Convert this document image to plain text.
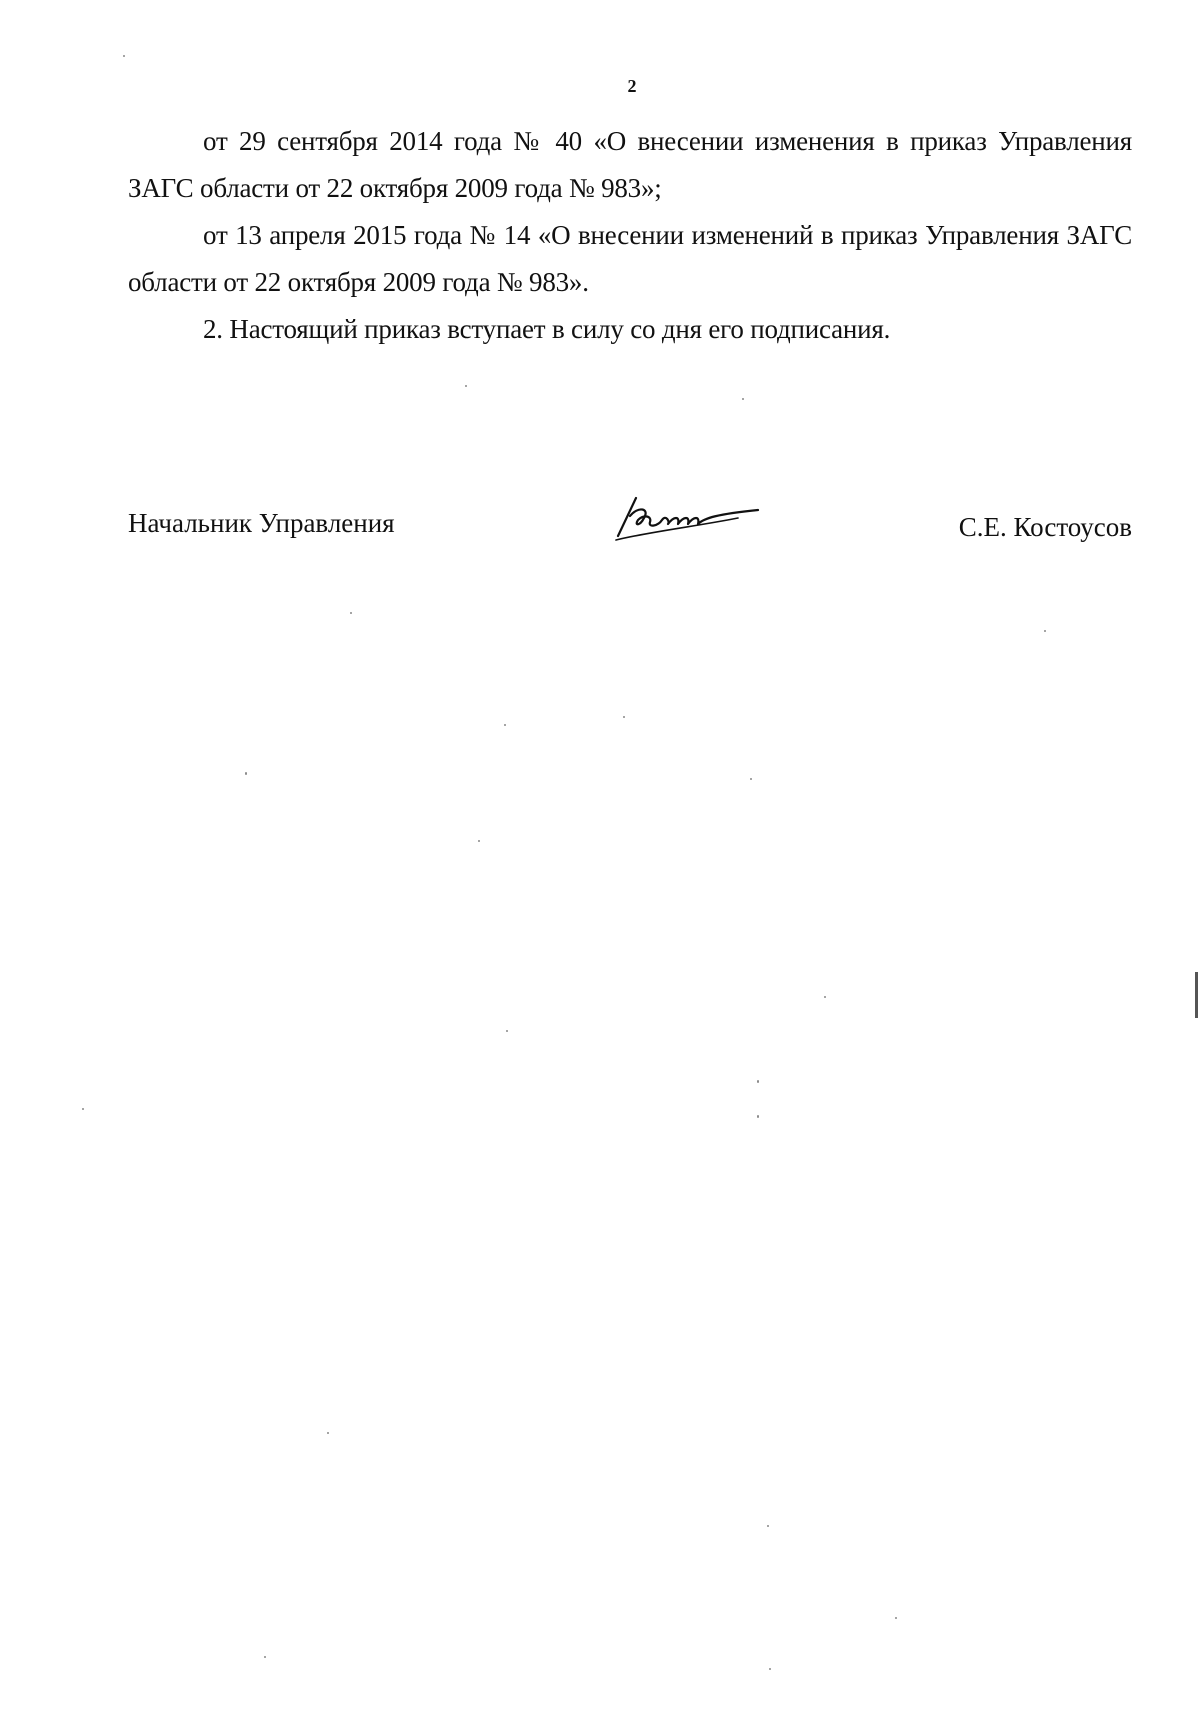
2

от 29 сентября 2014 года № 40 «О внесении изменения в приказ Управления ЗАГС области от 22 октября 2009 года № 983»;

от 13 апреля 2015 года № 14 «О внесении изменений в приказ Управления ЗАГС области от 22 октября 2009 года № 983».

2. Настоящий приказ вступает в силу со дня его подписания.

Начальник Управления	С.Е. Костоусов
